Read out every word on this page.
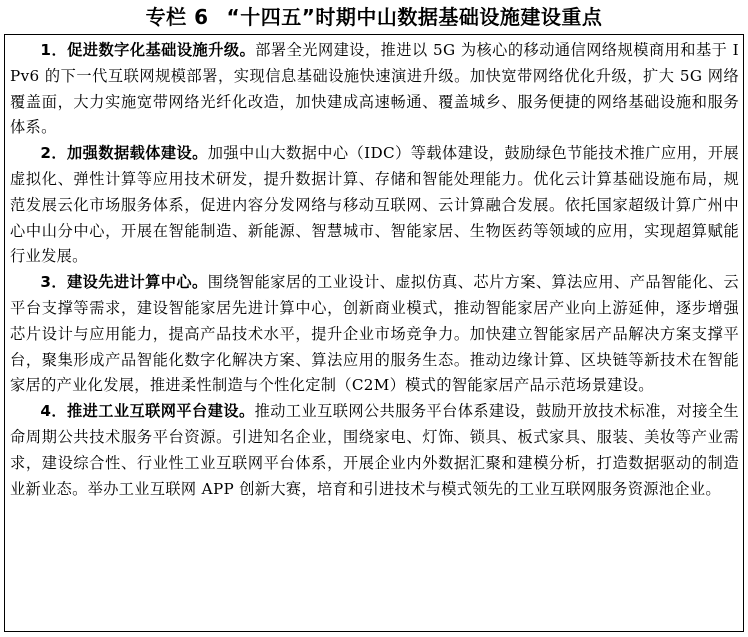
专栏 6 “十四五”时期中山数据基础设施建设重点

1．促进数字化基础设施升级。部署全光网建设，推进以 5G 为核心的移动通信网络规模商用和基于 IPv6 的下一代互联网规模部署，实现信息基础设施快速演进升级。加快宽带网络优化升级，扩大 5G 网络覆盖面，大力实施宽带网络光纤化改造，加快建成高速畅通、覆盖城乡、服务便捷的网络基础设施和服务体系。

2．加强数据载体建设。加强中山大数据中心（IDC）等载体建设，鼓励绿色节能技术推广应用，开展虚拟化、弹性计算等应用技术研发，提升数据计算、存储和智能处理能力。优化云计算基础设施布局，规范发展云化市场服务体系，促进内容分发网络与移动互联网、云计算融合发展。依托国家超级计算广州中心中山分中心，开展在智能制造、新能源、智慧城市、智能家居、生物医药等领域的应用，实现超算赋能行业发展。

3．建设先进计算中心。围绕智能家居的工业设计、虚拟仿真、芯片方案、算法应用、产品智能化、云平台支撑等需求，建设智能家居先进计算中心，创新商业模式，推动智能家居产业向上游延伸，逐步增强芯片设计与应用能力，提高产品技术水平，提升企业市场竞争力。加快建立智能家居产品解决方案支撑平台，聚集形成产品智能化数字化解决方案、算法应用的服务生态。推动边缘计算、区块链等新技术在智能家居的产业化发展，推进柔性制造与个性化定制（C2M）模式的智能家居产品示范场景建设。

4．推进工业互联网平台建设。推动工业互联网公共服务平台体系建设，鼓励开放技术标准，对接全生命周期公共技术服务平台资源。引进知名企业，围绕家电、灯饰、锁具、板式家具、服装、美妆等产业需求，建设综合性、行业性工业互联网平台体系，开展企业内外数据汇聚和建模分析，打造数据驱动的制造业新业态。举办工业互联网 APP 创新大赛，培育和引进技术与模式领先的工业互联网服务资源池企业。
